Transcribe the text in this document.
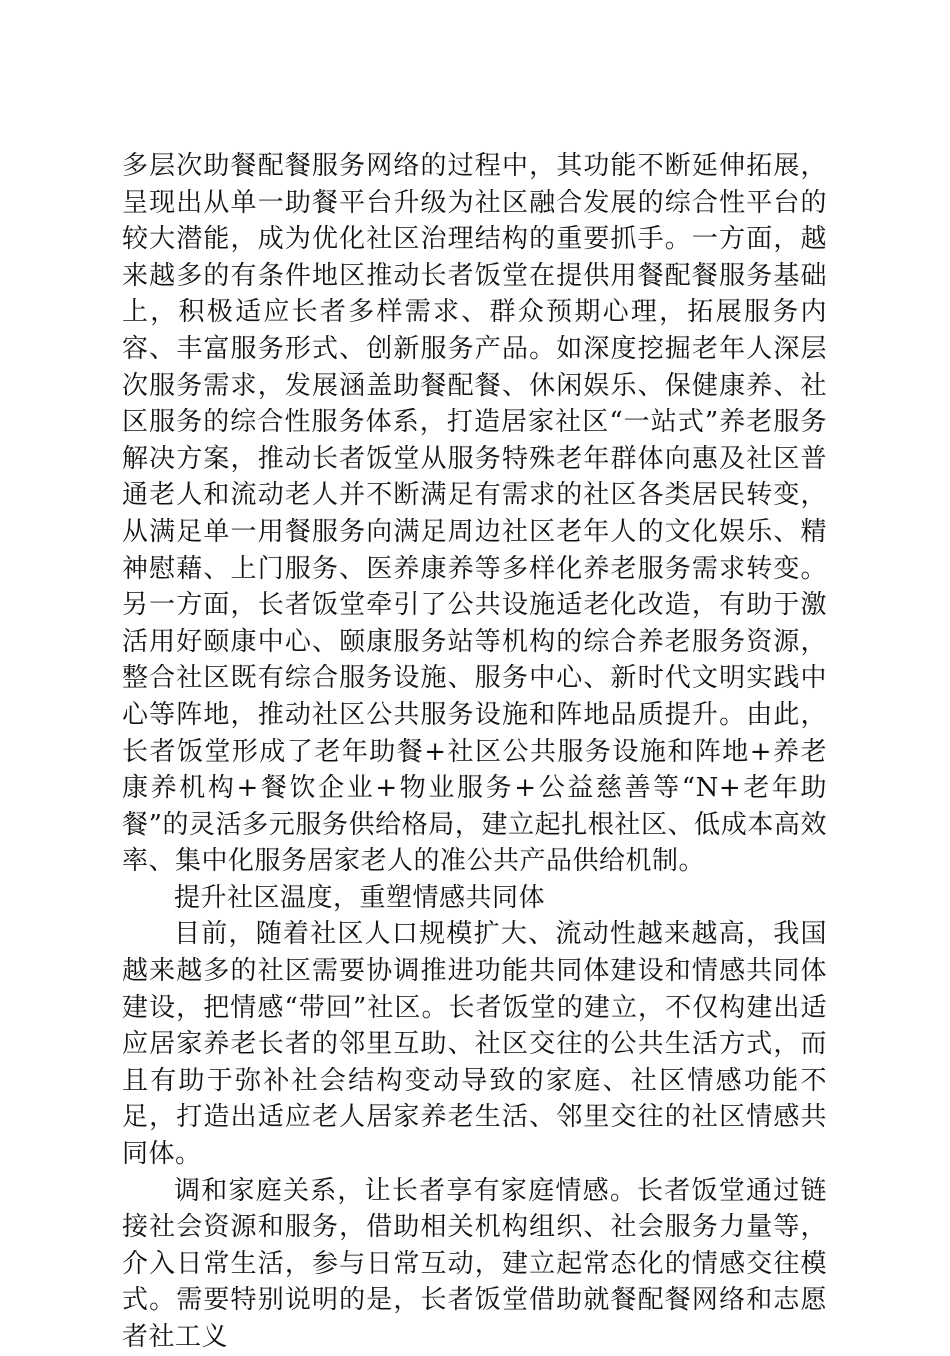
多层次助餐配餐服务网络的过程中，其功能不断延伸拓展，呈现出从单一助餐平台升级为社区融合发展的综合性平台的较大潜能，成为优化社区治理结构的重要抓手。一方面，越来越多的有条件地区推动长者饭堂在提供用餐配餐服务基础上，积极适应长者多样需求、群众预期心理，拓展服务内容、丰富服务形式、创新服务产品。如深度挖掘老年人深层次服务需求，发展涵盖助餐配餐、休闲娱乐、保健康养、社区服务的综合性服务体系，打造居家社区“一站式”养老服务解决方案，推动长者饭堂从服务特殊老年群体向惠及社区普通老人和流动老人并不断满足有需求的社区各类居民转变，从满足单一用餐服务向满足周边社区老年人的文化娱乐、精神慰藉、上门服务、医养康养等多样化养老服务需求转变。另一方面，长者饭堂牵引了公共设施适老化改造，有助于激活用好颐康中心、颐康服务站等机构的综合养老服务资源，整合社区既有综合服务设施、服务中心、新时代文明实践中心等阵地，推动社区公共服务设施和阵地品质提升。由此，长者饭堂形成了老年助餐+社区公共服务设施和阵地+养老康养机构+餐饮企业+物业服务+公益慈善等“N+老年助餐”的灵活多元服务供给格局，建立起扎根社区、低成本高效率、集中化服务居家老人的准公共产品供给机制。

提升社区温度，重塑情感共同体

目前，随着社区人口规模扩大、流动性越来越高，我国越来越多的社区需要协调推进功能共同体建设和情感共同体建设，把情感“带回”社区。长者饭堂的建立，不仅构建出适应居家养老长者的邻里互助、社区交往的公共生活方式，而且有助于弥补社会结构变动导致的家庭、社区情感功能不足，打造出适应老人居家养老生活、邻里交往的社区情感共同体。

调和家庭关系，让长者享有家庭情感。长者饭堂通过链接社会资源和服务，借助相关机构组织、社会服务力量等，介入日常生活，参与日常互动，建立起常态化的情感交往模式。需要特别说明的是，长者饭堂借助就餐配餐网络和志愿者社工义
